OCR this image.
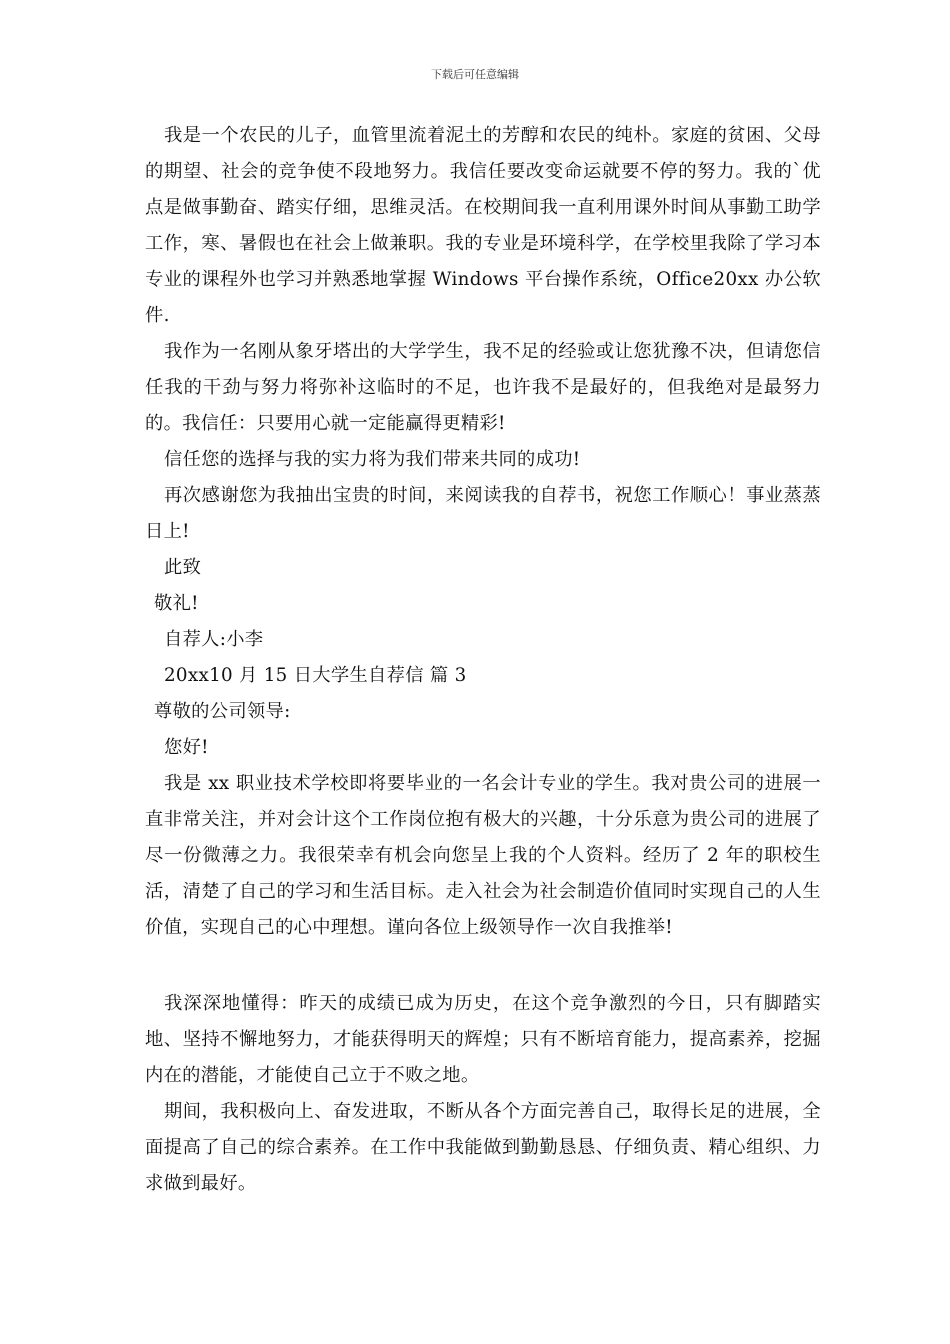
下载后可任意编辑

我是一个农民的儿子，血管里流着泥土的芳醇和农民的纯朴。家庭的贫困、父母的期望、社会的竞争使不段地努力。我信任要改变命运就要不停的努力。我的`优点是做事勤奋、踏实仔细，思维灵活。在校期间我一直利用课外时间从事勤工助学工作，寒、暑假也在社会上做兼职。我的专业是环境科学，在学校里我除了学习本专业的课程外也学习并熟悉地掌握 Windows 平台操作系统，Office20xx 办公软件.

我作为一名刚从象牙塔出的大学学生，我不足的经验或让您犹豫不决，但请您信任我的干劲与努力将弥补这临时的不足，也许我不是最好的，但我绝对是最努力的。我信任：只要用心就一定能赢得更精彩!

信任您的选择与我的实力将为我们带来共同的成功!

再次感谢您为我抽出宝贵的时间，来阅读我的自荐书，祝您工作顺心！事业蒸蒸日上!

此致

敬礼!

自荐人:小李

20xx10 月 15 日大学生自荐信 篇 3

尊敬的公司领导:

您好!

我是 xx 职业技术学校即将要毕业的一名会计专业的学生。我对贵公司的进展一直非常关注，并对会计这个工作岗位抱有极大的兴趣，十分乐意为贵公司的进展了尽一份微薄之力。我很荣幸有机会向您呈上我的个人资料。经历了 2 年的职校生活，清楚了自己的学习和生活目标。走入社会为社会制造价值同时实现自己的人生价值，实现自己的心中理想。谨向各位上级领导作一次自我推举!

我深深地懂得：昨天的成绩已成为历史，在这个竞争激烈的今日，只有脚踏实地、坚持不懈地努力，才能获得明天的辉煌；只有不断培育能力，提高素养，挖掘内在的潜能，才能使自己立于不败之地。

期间，我积极向上、奋发进取，不断从各个方面完善自己，取得长足的进展，全面提高了自己的综合素养。在工作中我能做到勤勤恳恳、仔细负责、精心组织、力求做到最好。
